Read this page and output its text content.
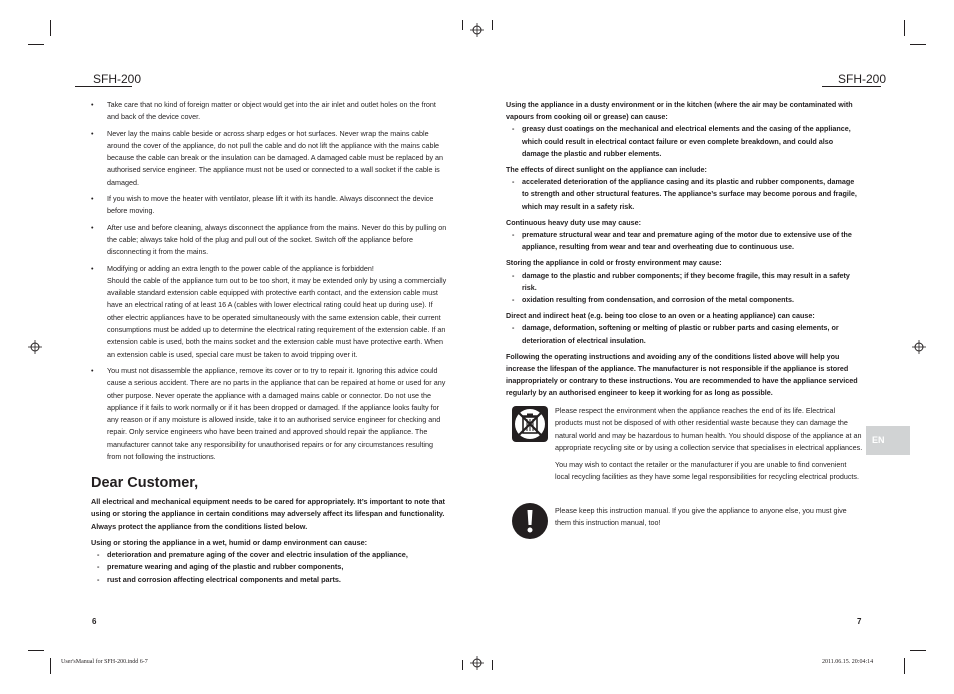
SFH-200	SFH-200
• Take care that no kind of foreign matter or object would get into the air inlet and outlet holes on the front and back of the device cover.

• Never lay the mains cable beside or across sharp edges or hot surfaces. Never wrap the mains cable around the cover of the appliance, do not pull the cable and do not lift the appliance with the mains cable because the cable can break or the insulation can be damaged. A damaged cable must be replaced by an authorised service engineer. The appliance must not be used or connected to a wall socket if the cable is damaged.

• If you wish to move the heater with ventilator, please lift it with its handle. Always disconnect the device before moving.

• After use and before cleaning, always disconnect the appliance from the mains. Never do this by pulling on the cable; always take hold of the plug and pull out of the socket. Switch off the appliance before disconnecting it from the mains.

• Modifying or adding an extra length to the power cable of the appliance is forbidden!

Should the cable of the appliance turn out to be too short, it may be extended only by using a commercially available standard extension cable equipped with protective earth contact, and the extension cable must have an electrical rating of at least 16 A (cables with lower electrical rating could heat up during use). If other electric appliances have to be operated simultaneously with the same extension cable, their current consumptions must be added up to determine the electrical rating requirement of the extension cable. If an extension cable is used, both the mains socket and the extension cable must have protective earth. When an extension cable is used, special care must be taken to avoid tripping over it.

• You must not disassemble the appliance, remove its cover or to try to repair it. Ignoring this advice could cause a serious accident. There are no parts in the appliance that can be repaired at home or used for any other purpose. Never operate the appliance with a damaged mains cable or connector. Do not use the appliance if it fails to work normally or if it has been dropped or damaged. If the appliance looks faulty for any reason or if any moisture is allowed inside, take it to an authorised service engineer for checking and repair. Only service engineers who have been trained and approved should repair the appliance. The manufacturer cannot take any responsibility for unauthorised repairs or for any circumstances resulting from not following the instructions.

Dear Customer,

All electrical and mechanical equipment needs to be cared for appropriately. It’s important to note that using or storing the appliance in certain conditions may adversely affect its lifespan and functionality. Always protect the appliance from the conditions listed below.

Using or storing the appliance in a wet, humid or damp environment can cause:

- deterioration and premature aging of the cover and electric insulation of the appliance,
- premature wearing and aging of the plastic and rubber components,
- rust and corrosion affecting electrical components and metal parts.

Using the appliance in a dusty environment or in the kitchen (where the air may be contaminated with vapours from cooking oil or grease) can cause:

- greasy dust coatings on the mechanical and electrical elements and the casing of the appliance, which could result in electrical contact failure or even complete breakdown, and could also damage the plastic and rubber elements.

The effects of direct sunlight on the appliance can include:

- accelerated deterioration of the appliance casing and its plastic and rubber components, damage to strength and other structural features. The appliance’s surface may become porous and fragile, which may result in a safety risk.

Continuous heavy duty use may cause:

- premature structural wear and tear and premature aging of the motor due to extensive use of the appliance, resulting from wear and tear and overheating due to continuous use.

Storing the appliance in cold or frosty environment may cause:

- damage to the plastic and rubber components; if they become fragile, this may result in a safety risk.
- oxidation resulting from condensation, and corrosion of the metal components.

Direct and indirect heat (e.g. being too close to an oven or a heating appliance) can cause:

- damage, deformation, softening or melting of plastic or rubber parts and casing elements, or deterioration of electrical insulation.

Following the operating instructions and avoiding any of the conditions listed above will help you increase the lifespan of the appliance. The manufacturer is not responsible if the appliance is stored inappropriately or contrary to these instructions. You are recommended to have the appliance serviced regularly by an authorised engineer to keep it working for as long as possible.

Please respect the environment when the appliance reaches the end of its life. Electrical products must not be disposed of with other residential waste because they can damage the natural world and may be hazardous to human health. You should dispose of the appliance at an appropriate recycling site or by using a collection service that specialises in electrical appliances.

You may wish to contact the retailer or the manufacturer if you are unable to find convenient local recycling facilities as they have some legal responsibilities for recycling electrical products.

Please keep this instruction manual. If you give the appliance to anyone else, you must give them this instruction manual, too!

EN
6	7
User'sManual for SFH-200.indd 6-7	2011.06.15. 20:04:14
